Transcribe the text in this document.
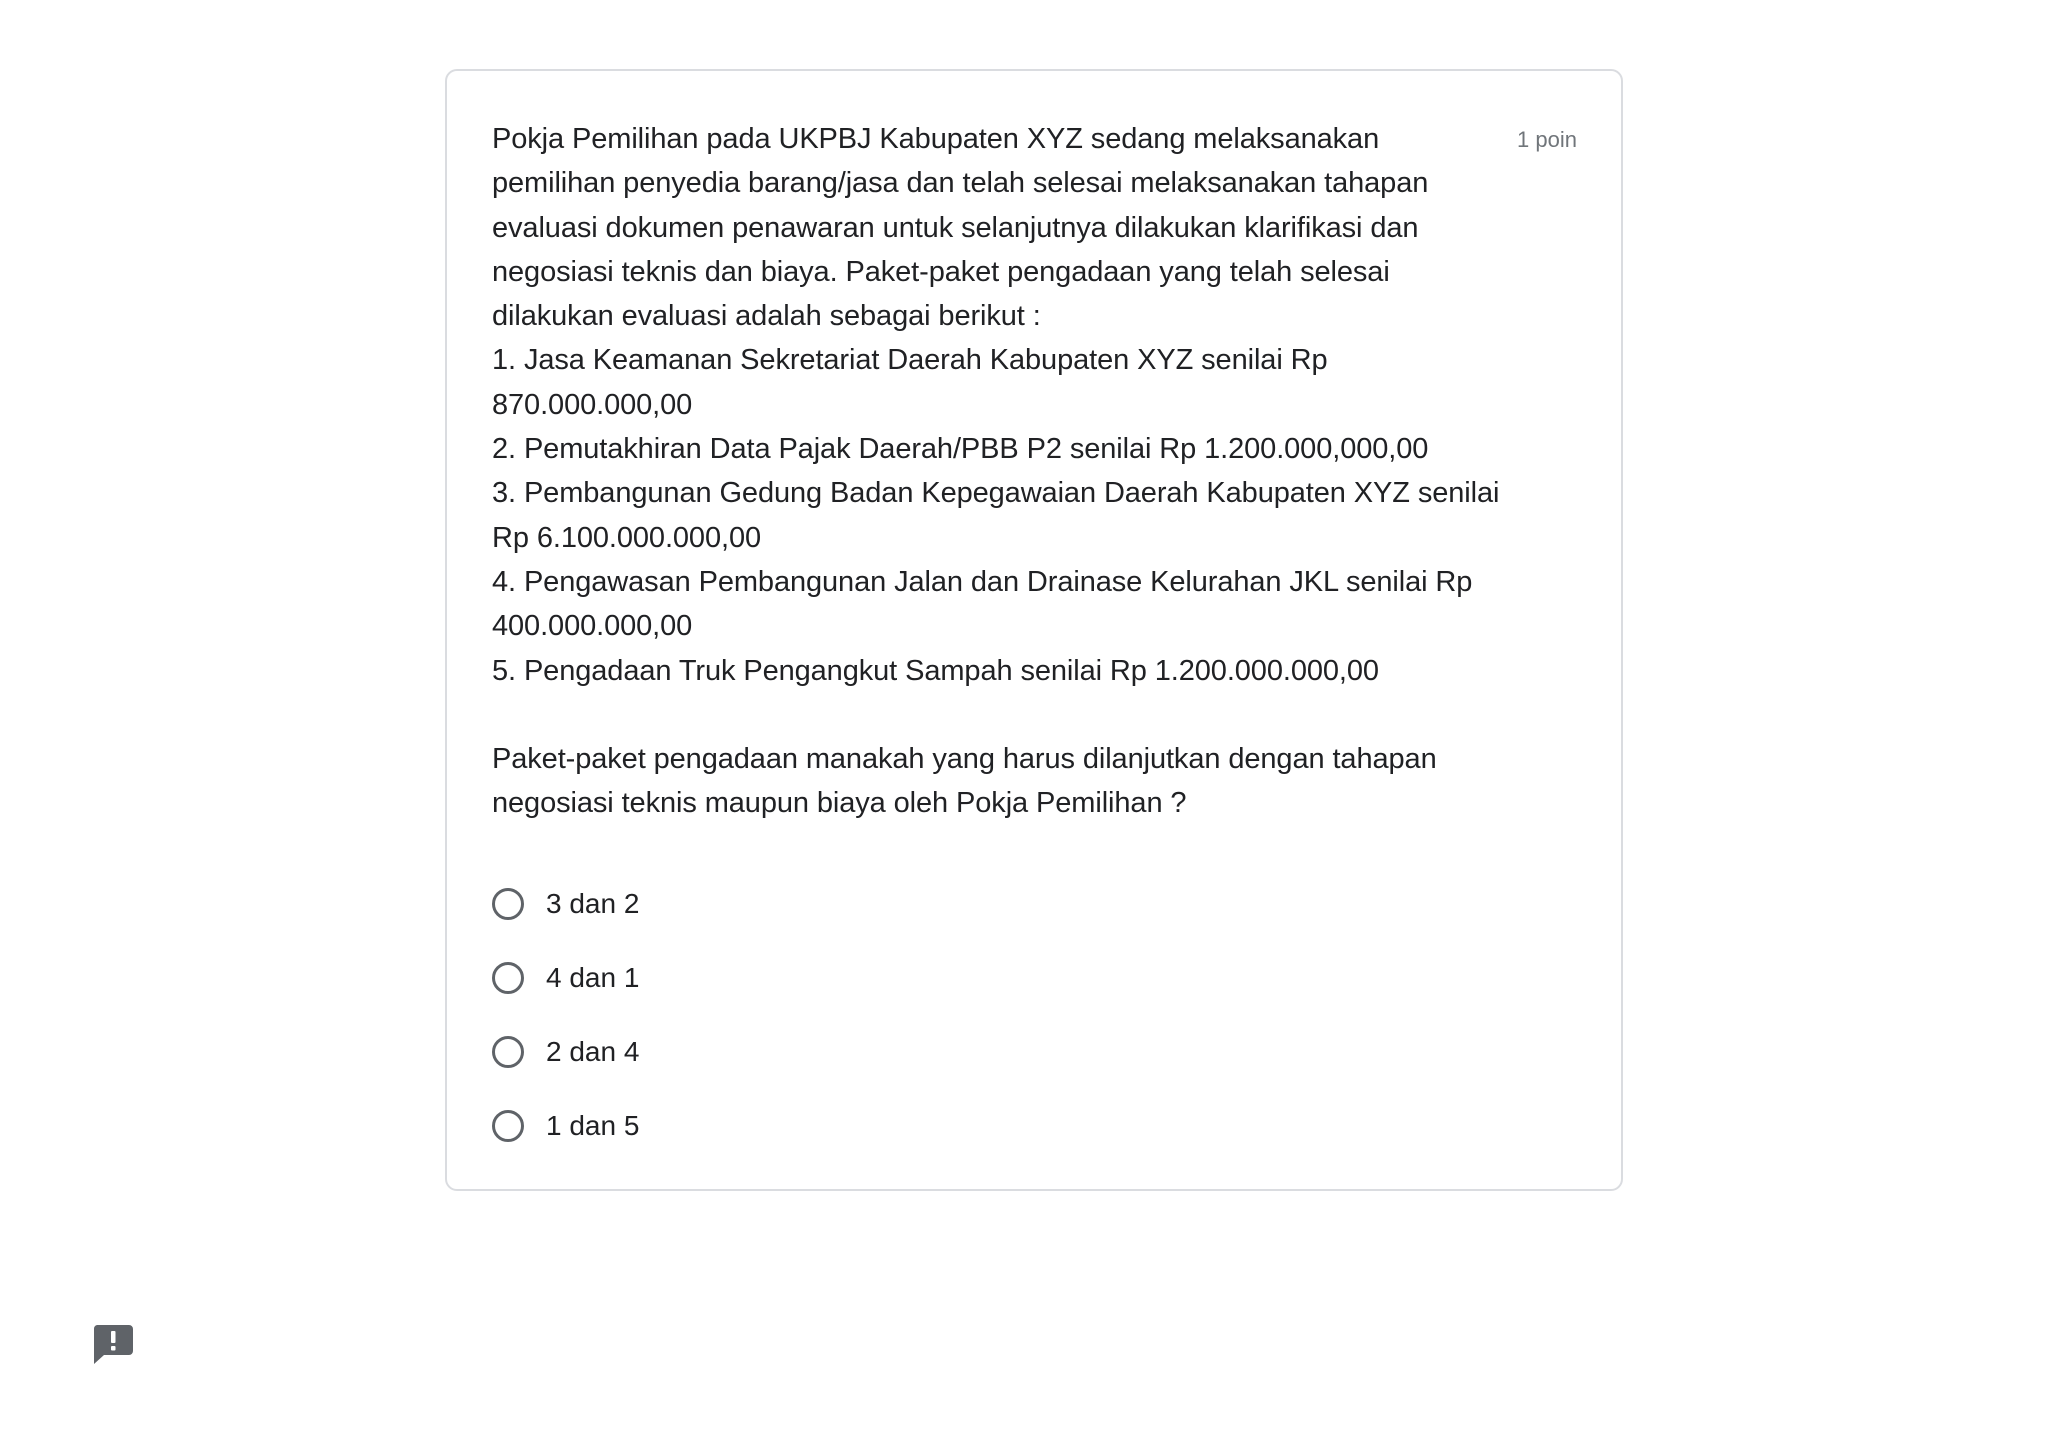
Pokja Pemilihan pada UKPBJ Kabupaten XYZ sedang melaksanakan
pemilihan penyedia barang/jasa dan telah selesai melaksanakan tahapan
evaluasi dokumen penawaran untuk selanjutnya dilakukan klarifikasi dan
negosiasi teknis dan biaya. Paket-paket pengadaan yang telah selesai
dilakukan evaluasi adalah sebagai berikut :
1. Jasa Keamanan Sekretariat Daerah Kabupaten XYZ senilai Rp
870.000.000,00
2. Pemutakhiran Data Pajak Daerah/PBB P2 senilai Rp 1.200.000,000,00
3. Pembangunan Gedung Badan Kepegawaian Daerah Kabupaten XYZ senilai
Rp 6.100.000.000,00
4. Pengawasan Pembangunan Jalan dan Drainase Kelurahan JKL senilai Rp
400.000.000,00
5. Pengadaan Truk Pengangkut Sampah senilai Rp 1.200.000.000,00

Paket-paket pengadaan manakah yang harus dilanjutkan dengan tahapan
negosiasi teknis maupun biaya oleh Pokja Pemilihan ?
1 poin
3 dan 2
4 dan 1
2 dan 4
1 dan 5
